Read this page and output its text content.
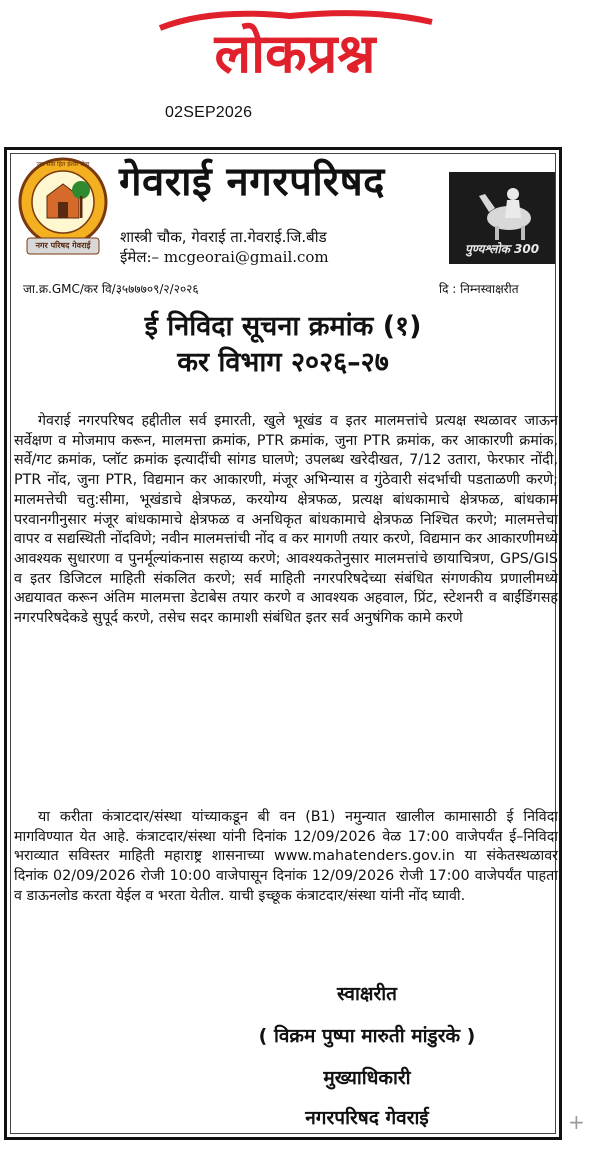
लोकप्रश्न
02SEP2026
जन सेवा हित ईश्वर सेवा
नगर परिषद गेवराई
गेवराई नगरपरिषद
शास्त्री चौक, गेवराई ता.गेवराई.जि.बीड
ईमेल:– mcgeorai@gmail.com	पुण्यश्लोक 300
जा.क्र.GMC/कर वि/३५७७७०९/२/२०२६	दि : निम्नस्वाक्षरीत
ई निविदा सूचना क्रमांक (१)
कर विभाग २०२६–२७

गेवराई नगरपरिषद हद्दीतील सर्व इमारती, खुले भूखंड व इतर मालमत्तांचे प्रत्यक्ष स्थळावर जाऊन सर्वेक्षण व मोजमाप करून, मालमत्ता क्रमांक, PTR क्रमांक, जुना PTR क्रमांक, कर आकारणी क्रमांक, सर्वे/गट क्रमांक, प्लॉट क्रमांक इत्यादींची सांगड घालणे; उपलब्ध खरेदीखत, 7/12 उतारा, फेरफार नोंदी, PTR नोंद, जुना PTR, विद्यमान कर आकारणी, मंजूर अभिन्यास व गुंठेवारी संदर्भाची पडताळणी करणे; मालमत्तेची चतु:सीमा, भूखंडाचे क्षेत्रफळ, करयोग्य क्षेत्रफळ, प्रत्यक्ष बांधकामाचे क्षेत्रफळ, बांधकाम परवानगीनुसार मंजूर बांधकामाचे क्षेत्रफळ व अनधिकृत बांधकामाचे क्षेत्रफळ निश्चित करणे; मालमत्तेचा वापर व सद्यस्थिती नोंदविणे; नवीन मालमत्तांची नोंद व कर मागणी तयार करणे, विद्यमान कर आकारणीमध्ये आवश्यक सुधारणा व पुनर्मूल्यांकनास सहाय्य करणे; आवश्यकतेनुसार मालमत्तांचे छायाचित्रण, GPS/GIS व इतर डिजिटल माहिती संकलित करणे; सर्व माहिती नगरपरिषदेच्या संबंधित संगणकीय प्रणालीमध्ये अद्ययावत करून अंतिम मालमत्ता डेटाबेस तयार करणे व आवश्यक अहवाल, प्रिंट, स्टेशनरी व बाईंडिंगसह नगरपरिषदेकडे सुपूर्द करणे, तसेच सदर कामाशी संबंधित इतर सर्व अनुषंगिक कामे करणे

या करीता कंत्राटदार/संस्था यांच्याकडून बी वन (B1) नमुन्यात खालील कामासाठी ई निविदा मागविण्यात येत आहे. कंत्राटदार/संस्था यांनी दिनांक 12/09/2026 वेळ 17:00 वाजेपर्यंत ई–निविदा भराव्यात सविस्तर माहिती महाराष्ट्र शासनाच्या www.mahatenders.gov.in या संकेतस्थळावर दिनांक 02/09/2026 रोजी 10:00 वाजेपासून दिनांक 12/09/2026 रोजी 17:00 वाजेपर्यंत पाहता व डाऊनलोड करता येईल व भरता येतील. याची इच्छूक कंत्राटदार/संस्था यांनी नोंद घ्यावी.

स्वाक्षरीत
( विक्रम पुष्पा मारुती मांडुरके )
मुख्याधिकारी
नगरपरिषद गेवराई	+
